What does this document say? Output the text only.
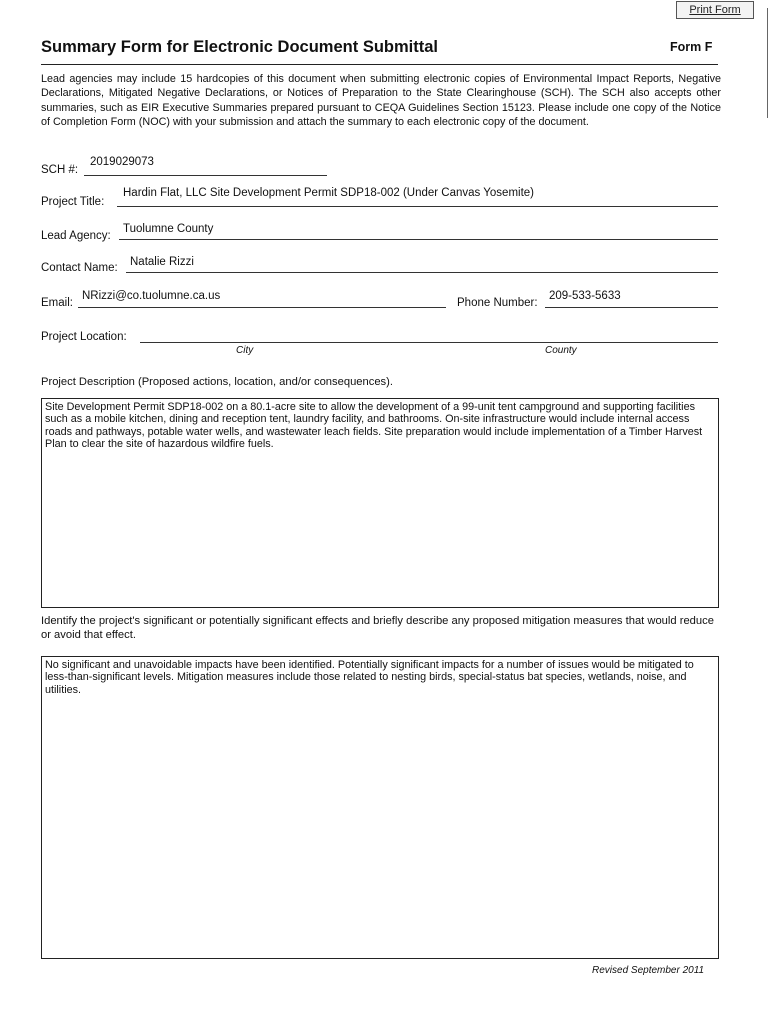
Print Form
Summary Form for Electronic Document Submittal	Form F
Lead agencies may include 15 hardcopies of this document when submitting electronic copies of Environmental Impact Reports, Negative Declarations, Mitigated Negative Declarations, or Notices of Preparation to the State Clearinghouse (SCH). The SCH also accepts other summaries, such as EIR Executive Summaries prepared pursuant to CEQA Guidelines Section 15123. Please include one copy of the Notice of Completion Form (NOC) with your submission and attach the summary to each electronic copy of the document.
SCH #:
2019029073
Project Title:
Hardin Flat, LLC Site Development Permit SDP18-002 (Under Canvas Yosemite)
Lead Agency:
Tuolumne County
Contact Name: Natalie Rizzi
Email:
NRizzi@co.tuolumne.ca.us
Phone Number:
209-533-5633
Project Location:
City	County
Project Description (Proposed actions, location, and/or consequences).
Site Development Permit SDP18-002 on a 80.1-acre site to allow the development of a 99-unit tent campground and supporting facilities such as a mobile kitchen, dining and reception tent, laundry facility, and bathrooms. On-site infrastructure would include internal access roads and pathways, potable water wells, and wastewater leach fields. Site preparation would include implementation of a Timber Harvest Plan to clear the site of hazardous wildfire fuels.
Identify the project's significant or potentially significant effects and briefly describe any proposed mitigation measures that would reduce or avoid that effect.
No significant and unavoidable impacts have been identified. Potentially significant impacts for a number of issues would be mitigated to less-than-significant levels. Mitigation measures include those related to nesting birds, special-status bat species, wetlands, noise, and utilities.
Revised September 2011
